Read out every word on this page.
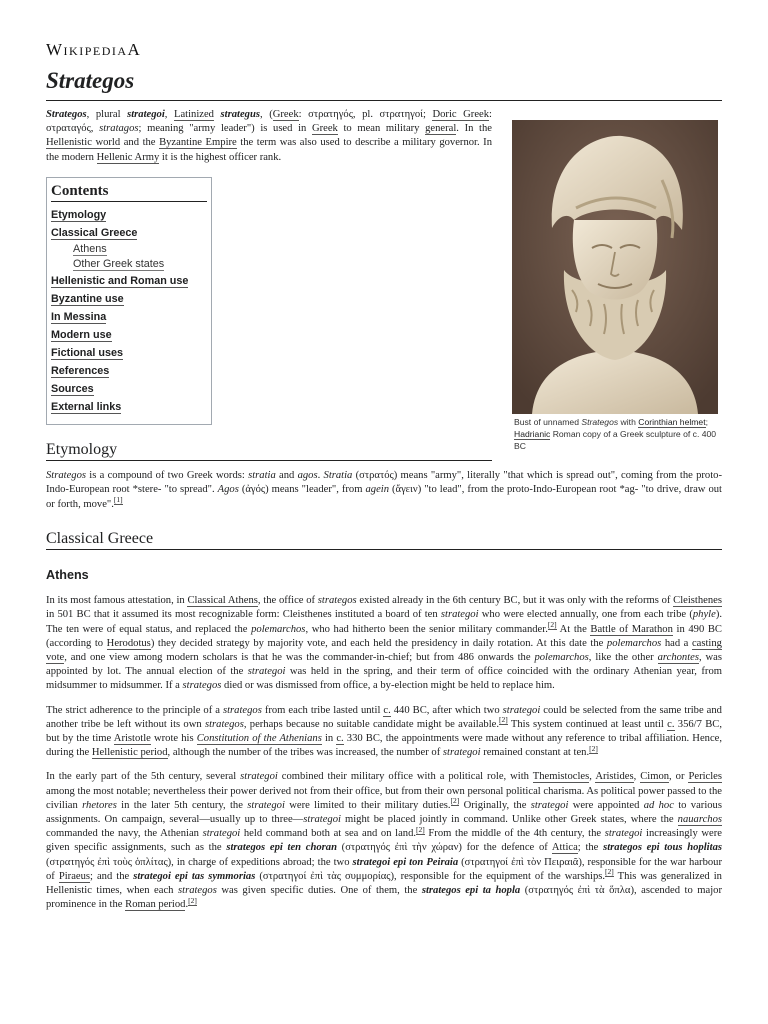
WikipediaA
Strategos
Bust of unnamed Strategos with Corinthian helmet; Hadrianic Roman copy of a Greek sculpture of c. 400 BC

Strategos, plural strategoi, Latinized strategus, (Greek: στρατηγός, pl. στρατηγοί; Doric Greek: στραταγός, stratagos; meaning "army leader") is used in Greek to mean military general. In the Hellenistic world and the Byzantine Empire the term was also used to describe a military governor. In the modern Hellenic Army it is the highest officer rank.

Contents
Etymology
Classical Greece
Athens
Other Greek states
Hellenistic and Roman use
Byzantine use
In Messina
Modern use
Fictional uses
References
Sources
External links
Etymology

Strategos is a compound of two Greek words: stratia and agos. Stratia (στρατός) means "army", literally "that which is spread out", coming from the proto-Indo-European root *stere- "to spread". Agos (ἀγός) means "leader", from agein (ἄγειν) "to lead", from the proto-Indo-European root *ag- "to drive, draw out or forth, move".[1]

Classical Greece
Athens

In its most famous attestation, in Classical Athens, the office of strategos existed already in the 6th century BC, but it was only with the reforms of Cleisthenes in 501 BC that it assumed its most recognizable form: Cleisthenes instituted a board of ten strategoi who were elected annually, one from each tribe (phyle). The ten were of equal status, and replaced the polemarchos, who had hitherto been the senior military commander.[2] At the Battle of Marathon in 490 BC (according to Herodotus) they decided strategy by majority vote, and each held the presidency in daily rotation. At this date the polemarchos had a casting vote, and one view among modern scholars is that he was the commander-in-chief; but from 486 onwards the polemarchos, like the other archontes, was appointed by lot. The annual election of the strategoi was held in the spring, and their term of office coincided with the ordinary Athenian year, from midsummer to midsummer. If a strategos died or was dismissed from office, a by-election might be held to replace him.

The strict adherence to the principle of a strategos from each tribe lasted until c. 440 BC, after which two strategoi could be selected from the same tribe and another tribe be left without its own strategos, perhaps because no suitable candidate might be available.[2] This system continued at least until c. 356/7 BC, but by the time Aristotle wrote his Constitution of the Athenians in c. 330 BC, the appointments were made without any reference to tribal affiliation. Hence, during the Hellenistic period, although the number of the tribes was increased, the number of strategoi remained constant at ten.[2]

In the early part of the 5th century, several strategoi combined their military office with a political role, with Themistocles, Aristides, Cimon, or Pericles among the most notable; nevertheless their power derived not from their office, but from their own personal political charisma. As political power passed to the civilian rhetores in the later 5th century, the strategoi were limited to their military duties.[2] Originally, the strategoi were appointed ad hoc to various assignments. On campaign, several—usually up to three—strategoi might be placed jointly in command. Unlike other Greek states, where the nauarchos commanded the navy, the Athenian strategoi held command both at sea and on land.[2] From the middle of the 4th century, the strategoi increasingly were given specific assignments, such as the strategos epi ten choran (στρατηγός ἐπὶ τὴν χώραν) for the defence of Attica; the strategos epi tous hoplitas (στρατηγός ἐπὶ τοὺς ὁπλίτας), in charge of expeditions abroad; the two strategoi epi ton Peiraia (στρατηγοί ἐπὶ τὸν Πειραιᾶ), responsible for the war harbour of Piraeus; and the strategoi epi tas symmorias (στρατηγοί ἐπὶ τὰς συμμορίας), responsible for the equipment of the warships.[2] This was generalized in Hellenistic times, when each strategos was given specific duties. One of them, the strategos epi ta hopla (στρατηγός ἐπὶ τὰ ὅπλα), ascended to major prominence in the Roman period.[2]
